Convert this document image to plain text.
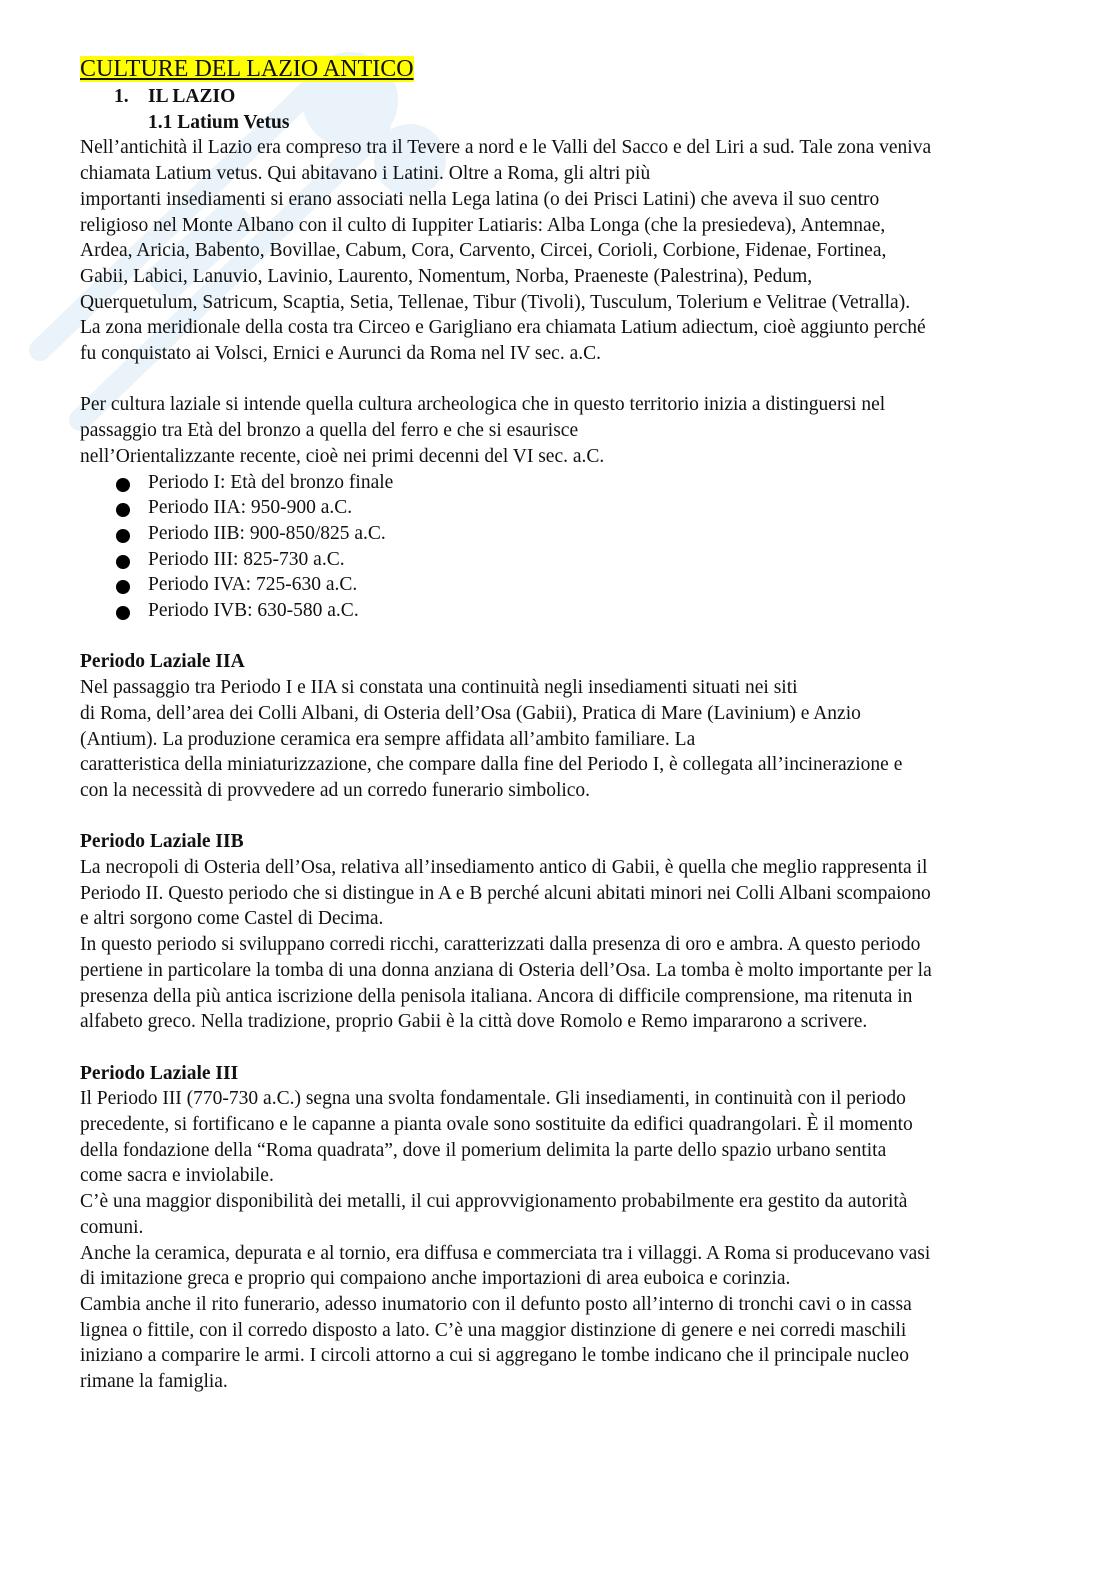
CULTURE DEL LAZIO ANTICO
1. IL LAZIO
1.1 Latium Vetus

Nell’antichità il Lazio era compreso tra il Tevere a nord e le Valli del Sacco e del Liri a sud. Tale zona veniva

chiamata Latium vetus. Qui abitavano i Latini. Oltre a Roma, gli altri più

importanti insediamenti si erano associati nella Lega latina (o dei Prisci Latini) che aveva il suo centro

religioso nel Monte Albano con il culto di Iuppiter Latiaris: Alba Longa (che la presiedeva), Antemnae,

Ardea, Aricia, Babento, Bovillae, Cabum, Cora, Carvento, Circei, Corioli, Corbione, Fidenae, Fortinea,

Gabii, Labici, Lanuvio, Lavinio, Laurento, Nomentum, Norba, Praeneste (Palestrina), Pedum,

Querquetulum, Satricum, Scaptia, Setia, Tellenae, Tibur (Tivoli), Tusculum, Tolerium e Velitrae (Vetralla).

La zona meridionale della costa tra Circeo e Garigliano era chiamata Latium adiectum, cioè aggiunto perché

fu conquistato ai Volsci, Ernici e Aurunci da Roma nel IV sec. a.C.

Per cultura laziale si intende quella cultura archeologica che in questo territorio inizia a distinguersi nel

passaggio tra Età del bronzo a quella del ferro e che si esaurisce

nell’Orientalizzante recente, cioè nei primi decenni del VI sec. a.C.

Periodo I: Età del bronzo finale
Periodo IIA: 950-900 a.C.
Periodo IIB: 900-850/825 a.C.
Periodo III: 825-730 a.C.
Periodo IVA: 725-630 a.C.
Periodo IVB: 630-580 a.C.
Periodo Laziale IIA

Nel passaggio tra Periodo I e IIA si constata una continuità negli insediamenti situati nei siti

di Roma, dell’area dei Colli Albani, di Osteria dell’Osa (Gabii), Pratica di Mare (Lavinium) e Anzio

(Antium). La produzione ceramica era sempre affidata all’ambito familiare. La

caratteristica della miniaturizzazione, che compare dalla fine del Periodo I, è collegata all’incinerazione e

con la necessità di provvedere ad un corredo funerario simbolico.

Periodo Laziale IIB

La necropoli di Osteria dell’Osa, relativa all’insediamento antico di Gabii, è quella che meglio rappresenta il

Periodo II. Questo periodo che si distingue in A e B perché alcuni abitati minori nei Colli Albani scompaiono

e altri sorgono come Castel di Decima.

In questo periodo si sviluppano corredi ricchi, caratterizzati dalla presenza di oro e ambra. A questo periodo

pertiene in particolare la tomba di una donna anziana di Osteria dell’Osa. La tomba è molto importante per la

presenza della più antica iscrizione della penisola italiana. Ancora di difficile comprensione, ma ritenuta in

alfabeto greco. Nella tradizione, proprio Gabii è la città dove Romolo e Remo impararono a scrivere.

Periodo Laziale III

Il Periodo III (770-730 a.C.) segna una svolta fondamentale. Gli insediamenti, in continuità con il periodo

precedente, si fortificano e le capanne a pianta ovale sono sostituite da edifici quadrangolari. È il momento

della fondazione della “Roma quadrata”, dove il pomerium delimita la parte dello spazio urbano sentita

come sacra e inviolabile.

C’è una maggior disponibilità dei metalli, il cui approvvigionamento probabilmente era gestito da autorità

comuni.

Anche la ceramica, depurata e al tornio, era diffusa e commerciata tra i villaggi. A Roma si producevano vasi

di imitazione greca e proprio qui compaiono anche importazioni di area euboica e corinzia.

Cambia anche il rito funerario, adesso inumatorio con il defunto posto all’interno di tronchi cavi o in cassa

lignea o fittile, con il corredo disposto a lato. C’è una maggior distinzione di genere e nei corredi maschili

iniziano a comparire le armi. I circoli attorno a cui si aggregano le tombe indicano che il principale nucleo

rimane la famiglia.
